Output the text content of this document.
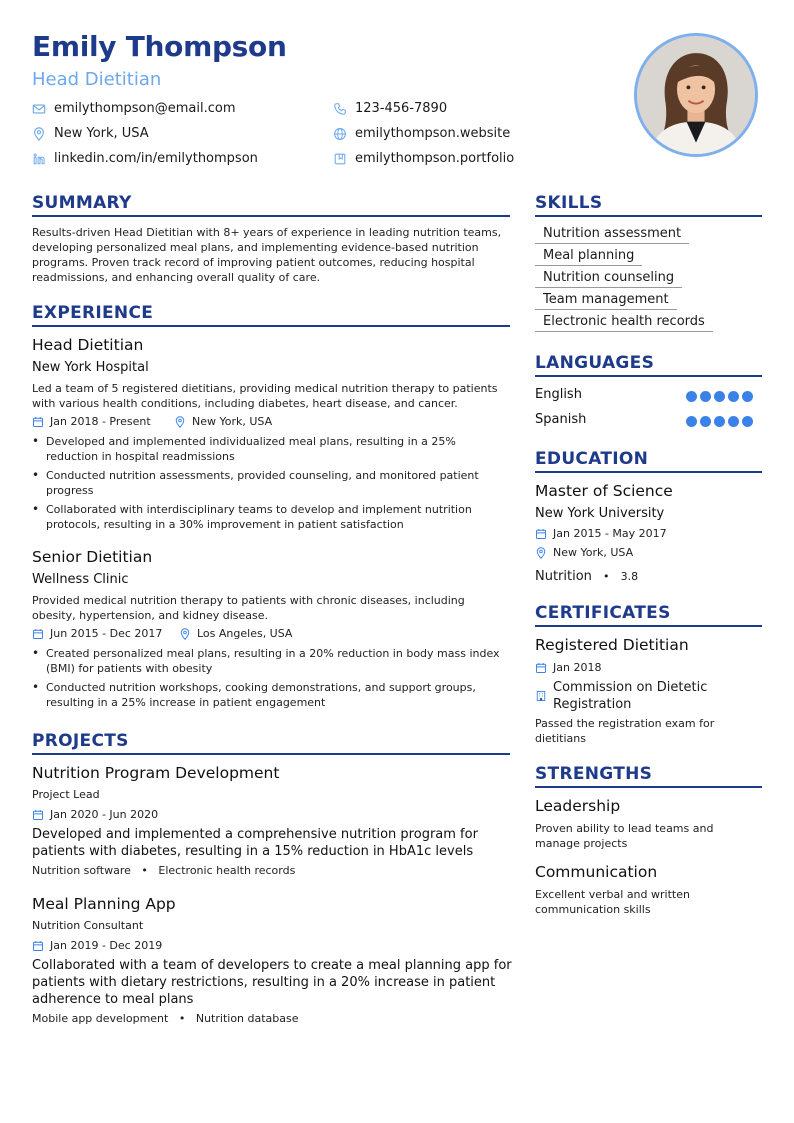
Emily Thompson
Head Dietitian
emilythompson@email.com	123-456-7890
New York, USA	emilythompson.website
linkedin.com/in/emilythompson	emilythompson.portfolio
SUMMARY
Results-driven Head Dietitian with 8+ years of experience in leading nutrition teams, developing personalized meal plans, and implementing evidence-based nutrition programs. Proven track record of improving patient outcomes, reducing hospital readmissions, and enhancing overall quality of care.
EXPERIENCE
Head Dietitian
New York Hospital
Led a team of 5 registered dietitians, providing medical nutrition therapy to patients with various health conditions, including diabetes, heart disease, and cancer.
Jan 2018 - Present	New York, USA
• Developed and implemented individualized meal plans, resulting in a 25% reduction in hospital readmissions
• Conducted nutrition assessments, provided counseling, and monitored patient progress
• Collaborated with interdisciplinary teams to develop and implement nutrition protocols, resulting in a 30% improvement in patient satisfaction
Senior Dietitian
Wellness Clinic
Provided medical nutrition therapy to patients with chronic diseases, including obesity, hypertension, and kidney disease.
Jun 2015 - Dec 2017	Los Angeles, USA
• Created personalized meal plans, resulting in a 20% reduction in body mass index (BMI) for patients with obesity
• Conducted nutrition workshops, cooking demonstrations, and support groups, resulting in a 25% increase in patient engagement
PROJECTS
Nutrition Program Development
Project Lead
Jan 2020 - Jun 2020
Developed and implemented a comprehensive nutrition program for patients with diabetes, resulting in a 15% reduction in HbA1c levels
Nutrition software • Electronic health records
Meal Planning App
Nutrition Consultant
Jan 2019 - Dec 2019
Collaborated with a team of developers to create a meal planning app for patients with dietary restrictions, resulting in a 20% increase in patient adherence to meal plans
Mobile app development • Nutrition database
SKILLS
Nutrition assessment
Meal planning
Nutrition counseling
Team management
Electronic health records
LANGUAGES
English
Spanish
EDUCATION
Master of Science
New York University
Jan 2015 - May 2017
New York, USA
Nutrition • 3.8
CERTIFICATES
Registered Dietitian
Jan 2018
Commission on Dietetic Registration
Passed the registration exam for dietitians
STRENGTHS
Leadership
Proven ability to lead teams and manage projects
Communication
Excellent verbal and written communication skills
